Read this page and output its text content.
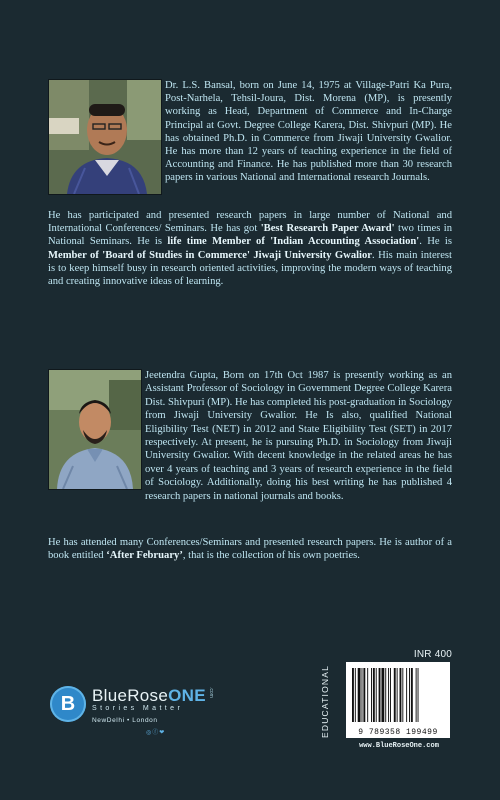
Dr. L.S. Bansal, born on June 14, 1975 at Village-Patri Ka Pura, Post-Narhela, Tehsil-Joura, Dist. Morena (MP), is presently working as Head, Department of Commerce and In-Charge Principal at Govt. Degree College Karera, Dist. Shivpuri (MP). He has obtained Ph.D. in Commerce from Jiwaji University Gwalior. He has more than 12 years of teaching experience in the field of Accounting and Finance. He has published more than 30 research papers in various National and International research Journals.

He has participated and presented research papers in large number of National and International Conferences/ Seminars. He has got 'Best Research Paper Award' two times in National Seminars. He is life time Member of 'Indian Accounting Association'. He is Member of 'Board of Studies in Commerce' Jiwaji University Gwalior. His main interest is to keep himself busy in research oriented activities, improving the modern ways of teaching and creating innovative ideas of learning.

Jeetendra Gupta, Born on 17th Oct 1987 is presently working as an Assistant Professor of Sociology in Government Degree College Karera Dist. Shivpuri (MP). He has completed his post-graduation in Sociology from Jiwaji University Gwalior. He Is also, qualified National Eligibility Test (NET) in 2012 and State Eligibility Test (SET) in 2017 respectively. At present, he is pursuing Ph.D. in Sociology from Jiwaji University Gwalior. With decent knowledge in the related areas he has over 4 years of teaching and 3 years of research experience in the field of Sociology. Additionally, doing his best writing he has published 4 research papers in national journals and books.

He has attended many Conferences/Seminars and presented research papers. He is author of a book entitled ‘After February’, that is the collection of his own poetries.

B BlueRoseONE .com
Stories Matter
NewDelhi • London
◎ⓕ❤	EDUCATIONAL
INR 400
9 789358 199499
www.BlueRoseOne.com
